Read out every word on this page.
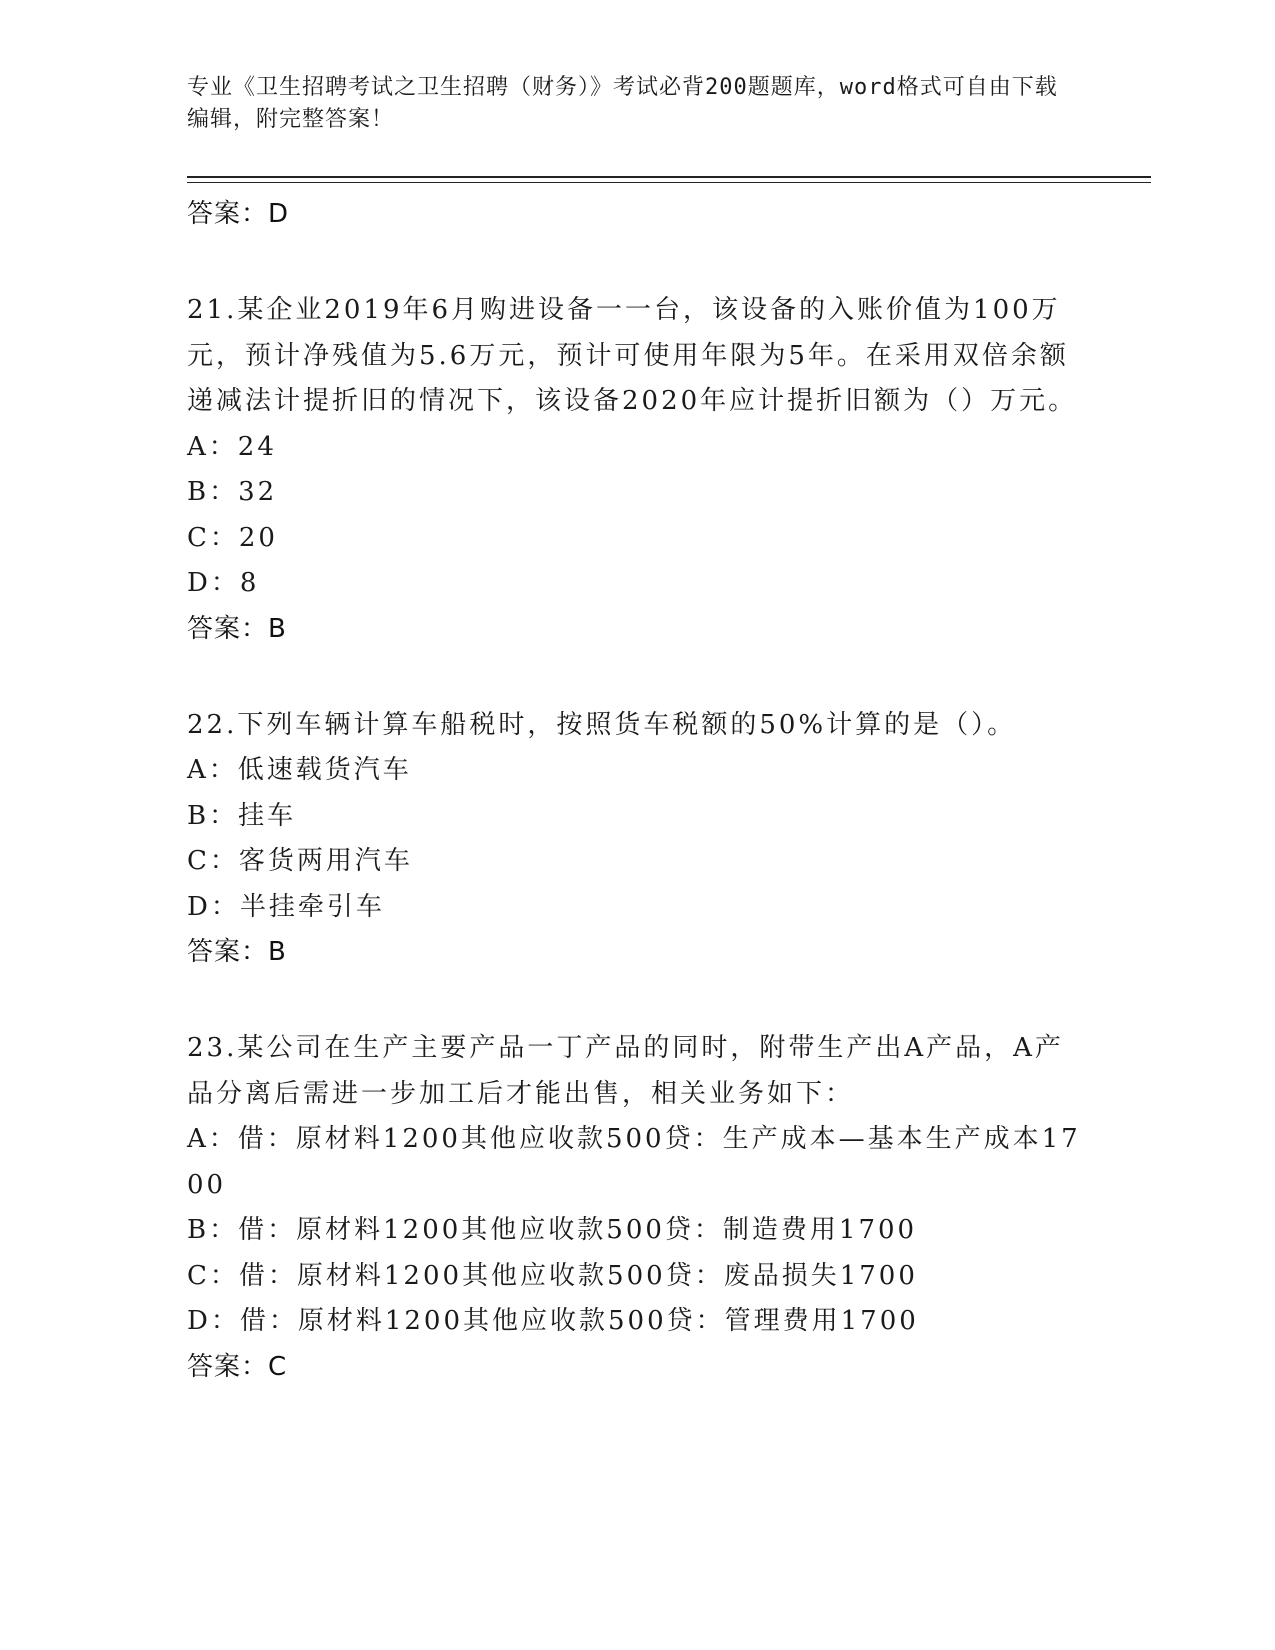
专业《卫生招聘考试之卫生招聘（财务）》考试必背200题题库，word格式可自由下载编辑，附完整答案！
答案：D

21.某企业2019年6月购进设备一一台，该设备的入账价值为100万元，预计净残值为5.6万元，预计可使用年限为5年。在采用双倍余额递减法计提折旧的情况下，该设备2020年应计提折旧额为（）万元。

A：24
B：32
C：20
D：8
答案：B

22.下列车辆计算车船税时，按照货车税额的50%计算的是（）。

A：低速载货汽车
B：挂车
C：客货两用汽车
D：半挂牵引车
答案：B

23.某公司在生产主要产品一丁产品的同时，附带生产出A产品，A产品分离后需进一步加工后才能出售，相关业务如下：

A：借：原材料1200其他应收款500贷：生产成本—基本生产成本1700
B：借：原材料1200其他应收款500贷：制造费用1700
C：借：原材料1200其他应收款500贷：废品损失1700
D：借：原材料1200其他应收款500贷：管理费用1700
答案：C
